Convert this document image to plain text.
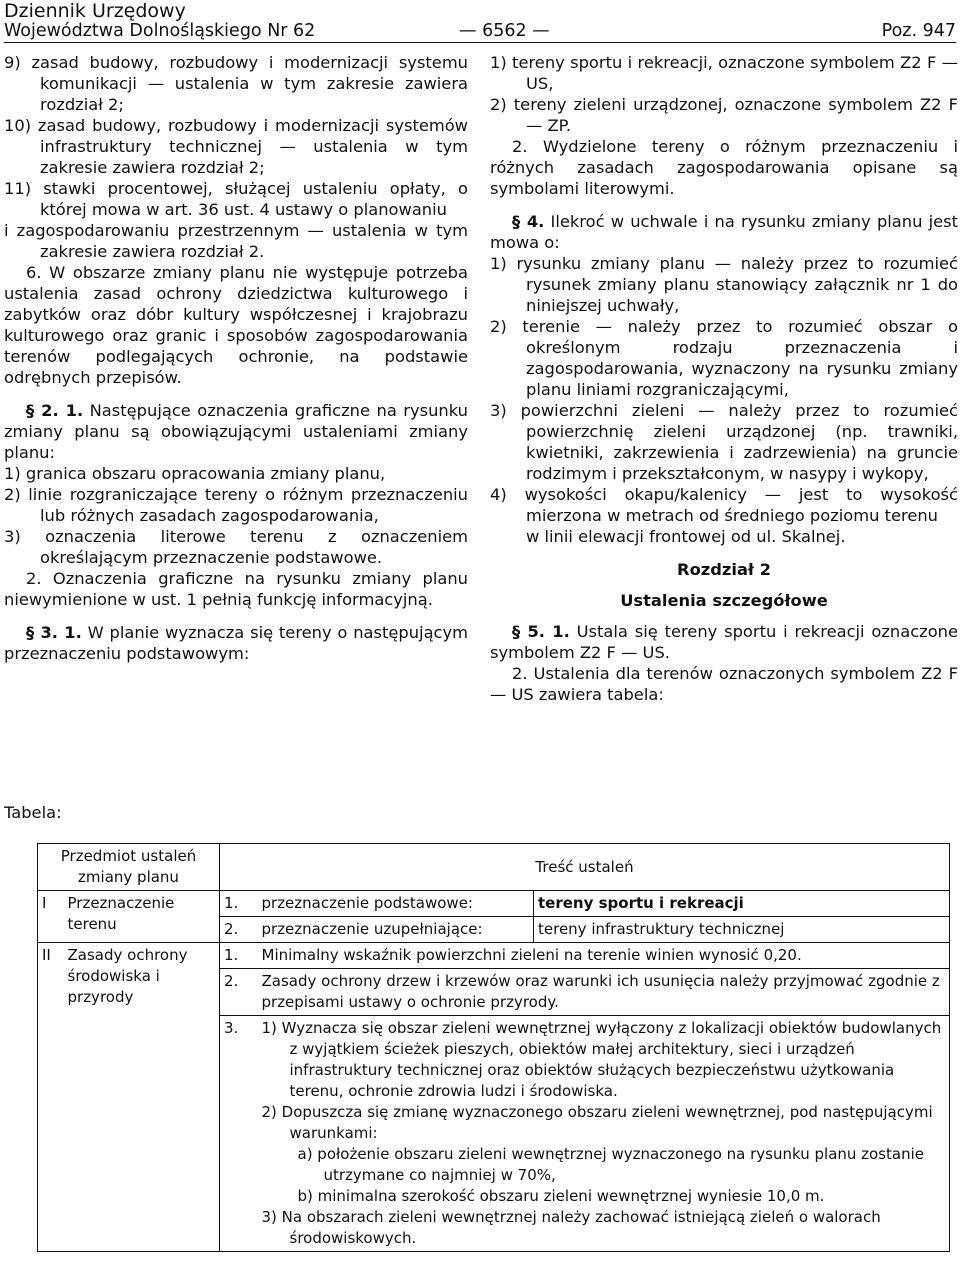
Dziennik Urzędowy
Województwa Dolnośląskiego Nr 62	— 6562 —	Poz. 947

9) zasad budowy, rozbudowy i modernizacji systemu komunikacji — ustalenia w tym zakresie zawiera rozdział 2;

10) zasad budowy, rozbudowy i modernizacji systemów infrastruktury technicznej — ustalenia w tym zakresie zawiera rozdział 2;

11) stawki procentowej, służącej ustaleniu opłaty, o której mowa w art. 36 ust. 4 ustawy o planowaniu

i zagospodarowaniu przestrzennym — ustalenia w tym zakresie zawiera rozdział 2.

6. W obszarze zmiany planu nie występuje potrzeba ustalenia zasad ochrony dziedzictwa kulturowego i zabytków oraz dóbr kultury współczesnej i krajobrazu kulturowego oraz granic i sposobów zagospodarowania terenów podlegających ochronie, na podstawie odrębnych przepisów.

§ 2. 1. Następujące oznaczenia graficzne na rysunku zmiany planu są obowiązującymi ustaleniami zmiany planu:

1) granica obszaru opracowania zmiany planu,

2) linie rozgraniczające tereny o różnym przeznaczeniu lub różnych zasadach zagospodarowania,

3) oznaczenia literowe terenu z oznaczeniem określającym przeznaczenie podstawowe.

2. Oznaczenia graficzne na rysunku zmiany planu niewymienione w ust. 1 pełnią funkcję informacyjną.

§ 3. 1. W planie wyznacza się tereny o następującym przeznaczeniu podstawowym:

1) tereny sportu i rekreacji, oznaczone symbolem Z2 F — US,

2) tereny zieleni urządzonej, oznaczone symbolem Z2 F — ZP.

2. Wydzielone tereny o różnym przeznaczeniu i różnych zasadach zagospodarowania opisane są symbolami literowymi.

§ 4. Ilekroć w uchwale i na rysunku zmiany planu jest mowa o:

1) rysunku zmiany planu — należy przez to rozumieć rysunek zmiany planu stanowiący załącznik nr 1 do niniejszej uchwały,

2) terenie — należy przez to rozumieć obszar o określonym rodzaju przeznaczenia i zagospodarowania, wyznaczony na rysunku zmiany planu liniami rozgraniczającymi,

3) powierzchni zieleni — należy przez to rozumieć powierzchnię zieleni urządzonej (np. trawniki, kwietniki, zakrzewienia i zadrzewienia) na gruncie rodzimym i przekształconym, w nasypy i wykopy,

4) wysokości okapu/kalenicy — jest to wysokość mierzona w metrach od średniego poziomu terenu

w linii elewacji frontowej od ul. Skalnej.

Rozdział 2

Ustalenia szczegółowe

§ 5. 1. Ustala się tereny sportu i rekreacji oznaczone symbolem Z2 F — US.

2. Ustalenia dla terenów oznaczonych symbolem Z2 F — US zawiera tabela:

Tabela:
Przedmiot ustaleń zmiany planu		Treść ustaleń		
I	Przeznaczenie terenu	1.	przeznaczenie podstawowe:	tereny sportu i rekreacji
		2.	przeznaczenie uzupełniające:	tereny infrastruktury technicznej
II	Zasady ochrony środowiska i przyrody	1.	Minimalny wskaźnik powierzchni zieleni na terenie winien wynosić 0,20.	
		2.	Zasady ochrony drzew i krzewów oraz warunki ich usunięcia należy przyjmować zgodnie z przepisami ustawy o ochronie przyrody.	
		3.	1) Wyznacza się obszar zieleni wewnętrznej wyłączony z lokalizacji obiektów budowlanych z wyjątkiem ścieżek pieszych, obiektów małej architektury, sieci i urządzeń infrastruktury technicznej oraz obiektów służących bezpieczeństwu użytkowania terenu, ochronie zdrowia ludzi i środowiska.

2) Dopuszcza się zmianę wyznaczonego obszaru zieleni wewnętrznej, pod następującymi warunkami:

a) położenie obszaru zieleni wewnętrznej wyznaczonego na rysunku planu zostanie utrzymane co najmniej w 70%,

b) minimalna szerokość obszaru zieleni wewnętrznej wyniesie 10,0 m.

3) Na obszarach zieleni wewnętrznej należy zachować istniejącą zieleń o walorach środowiskowych.	
